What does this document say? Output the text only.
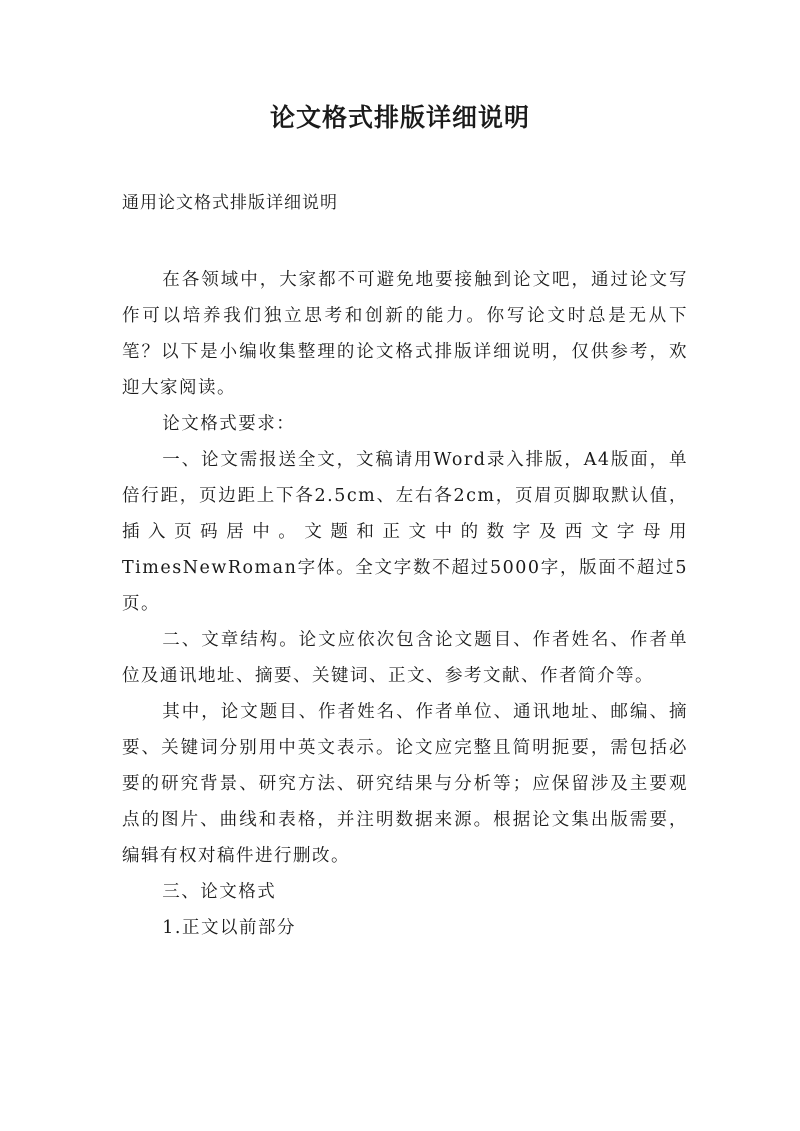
论文格式排版详细说明
通用论文格式排版详细说明

在各领域中，大家都不可避免地要接触到论文吧，通过论文写作可以培养我们独立思考和创新的能力。你写论文时总是无从下笔？以下是小编收集整理的论文格式排版详细说明，仅供参考，欢迎大家阅读。

论文格式要求：

一、论文需报送全文，文稿请用Word录入排版，A4版面，单倍行距，页边距上下各2.5cm、左右各2cm，页眉页脚取默认值，插入页码居中。文题和正文中的数字及西文字母用TimesNewRoman字体。全文字数不超过5000字，版面不超过5页。

二、文章结构。论文应依次包含论文题目、作者姓名、作者单位及通讯地址、摘要、关键词、正文、参考文献、作者简介等。

其中，论文题目、作者姓名、作者单位、通讯地址、邮编、摘要、关键词分别用中英文表示。论文应完整且简明扼要，需包括必要的研究背景、研究方法、研究结果与分析等；应保留涉及主要观点的图片、曲线和表格，并注明数据来源。根据论文集出版需要，编辑有权对稿件进行删改。

三、论文格式

1.正文以前部分
